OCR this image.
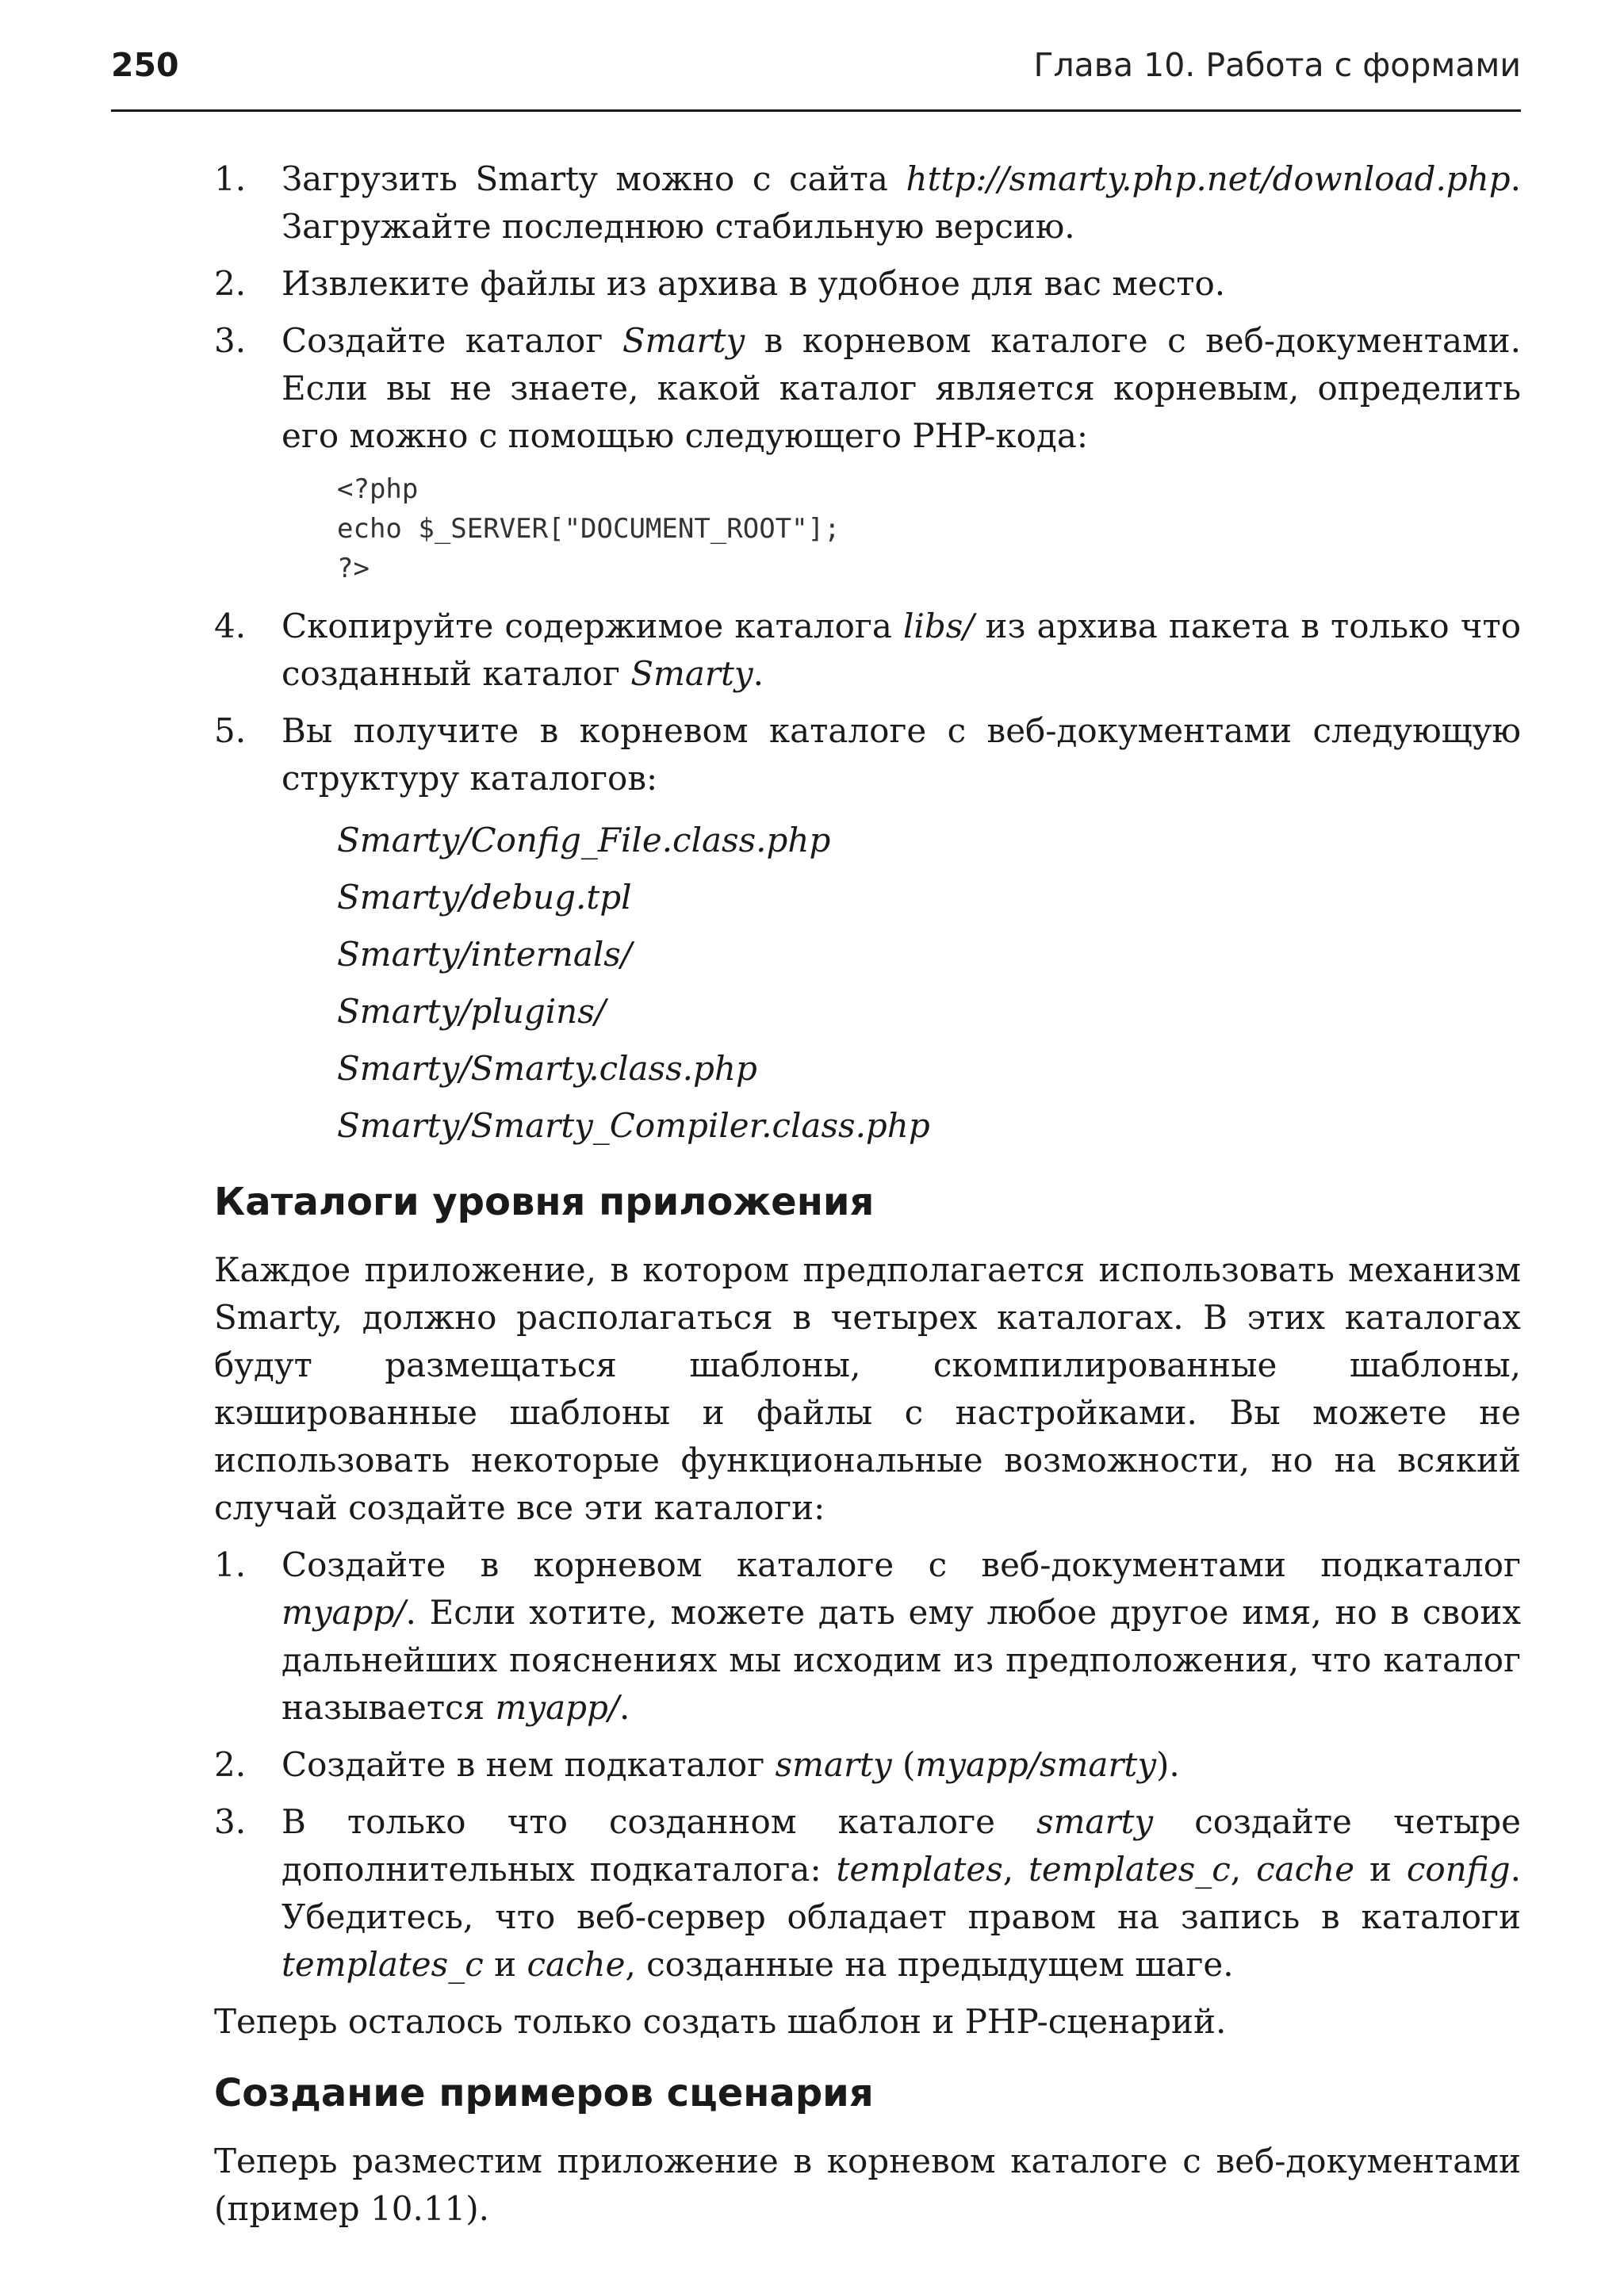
250	Глава 10. Работа с формами
1. Загрузить Smarty можно с сайта http://smarty.php.net/download.php. Загружайте последнюю стабильную версию.
2. Извлеките файлы из архива в удобное для вас место.
3. Создайте каталог Smarty в корневом каталоге с веб-документами. Если вы не знаете, какой каталог является корневым, определить его можно с помощью следующего PHP-кода:
<?php
echo $_SERVER["DOCUMENT_ROOT"];
?>
4. Скопируйте содержимое каталога libs/ из архива пакета в только что созданный каталог Smarty.
5. Вы получите в корневом каталоге с веб-документами следующую структуру каталогов:
Smarty/Config_File.class.php
Smarty/debug.tpl
Smarty/internals/
Smarty/plugins/
Smarty/Smarty.class.php
Smarty/Smarty_Compiler.class.php
Каталоги уровня приложения

Каждое приложение, в котором предполагается использовать механизм Smarty, должно располагаться в четырех каталогах. В этих каталогах будут размещаться шаблоны, скомпилированные шаблоны, кэшированные шаблоны и файлы с настройками. Вы можете не использовать некоторые функциональные возможности, но на всякий случай создайте все эти каталоги:

1. Создайте в корневом каталоге с веб-документами подкаталог myapp/. Если хотите, можете дать ему любое другое имя, но в своих дальнейших пояснениях мы исходим из предположения, что каталог называется myapp/.
2. Создайте в нем подкаталог smarty (myapp/smarty).
3. В только что созданном каталоге smarty создайте четыре дополнительных подкаталога: templates, templates_c, cache и config. Убедитесь, что веб-сервер обладает правом на запись в каталоги templates_c и cache, созданные на предыдущем шаге.

Теперь осталось только создать шаблон и PHP-сценарий.

Создание примеров сценария

Теперь разместим приложение в корневом каталоге с веб-документами (пример 10.11).
